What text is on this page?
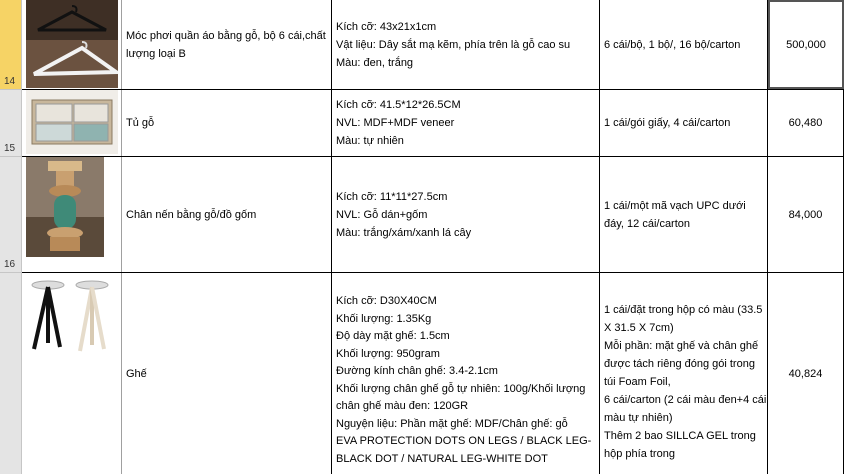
14
15
16
Móc phơi quần áo bằng gỗ, bộ 6 cái,chất lượng loại B
Kích cỡ: 43x21x1cm
Vật liệu: Dây sắt mạ kẽm, phía trên là gỗ cao su
Màu: đen, trắng
6 cái/bộ, 1 bộ/, 16 bộ/carton	500,000
Tủ gỗ
Kích cỡ: 41.5*12*26.5CM
NVL: MDF+MDF veneer
Màu: tự nhiên
1 cái/gói giấy, 4 cái/carton	60,480
Chân nến bằng gỗ/đồ gốm
Kích cỡ: 11*11*27.5cm
NVL: Gỗ dán+gốm
Màu: trắng/xám/xanh lá cây
1 cái/một mã vạch UPC dưới đáy, 12 cái/carton
84,000
Ghế
Kích cỡ: D30X40CM
Khối lượng: 1.35Kg
Độ dày mặt ghế: 1.5cm
Khối lượng: 950gram
Đường kính chân ghế: 3.4-2.1cm
Khối lượng chân ghế gỗ tự nhiên: 100g/Khối lượng chân ghế màu đen: 120GR
Nguyện liệu: Phần mặt ghế: MDF/Chân ghế: gỗ
EVA PROTECTION DOTS ON LEGS / BLACK LEG-
BLACK DOT / NATURAL LEG-WHITE DOT
1 cái/đặt trong hộp có màu (33.5 X 31.5 X 7cm)
Mỗi phần: mặt ghế và chân ghế được tách riêng đóng gói trong túi Foam Foil,
6 cái/carton (2 cái màu đen+4 cái màu tự nhiên)
Thêm 2 bao SILLCA GEL trong hộp phía trong
40,824
